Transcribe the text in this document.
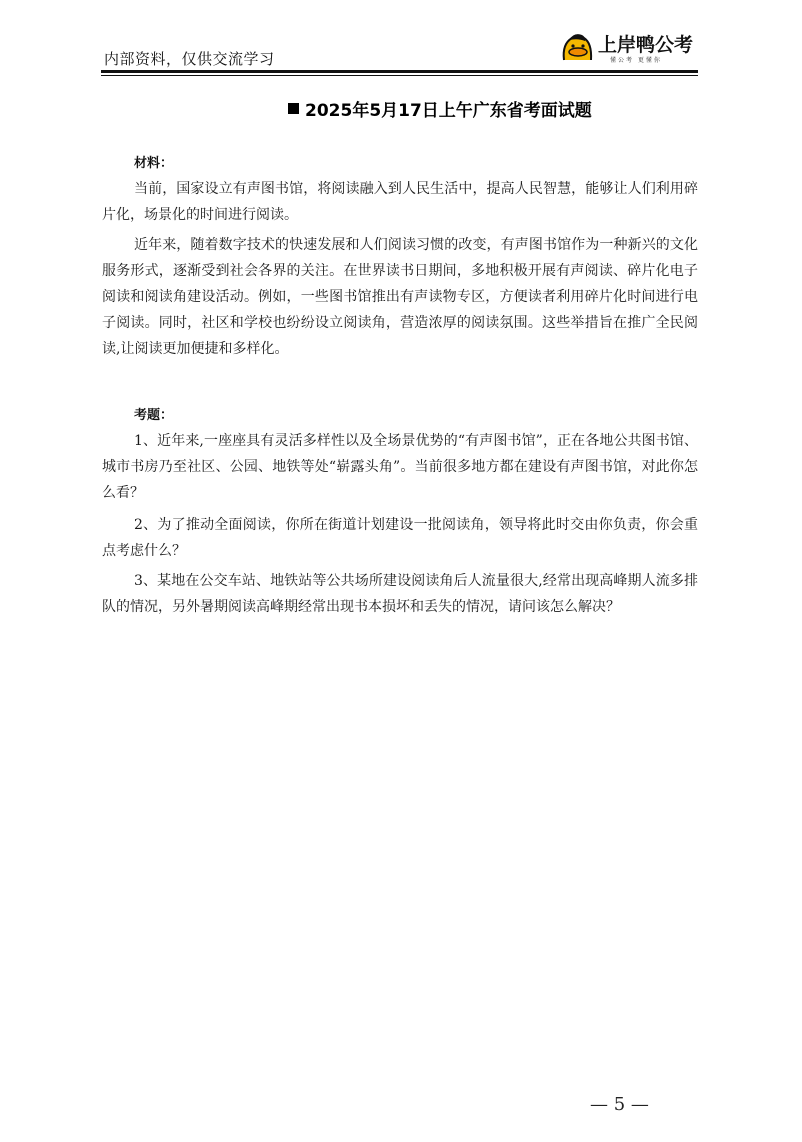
内部资料，仅供交流学习
上岸鸭公考
懂公考 更懂你
2025年5月17日上午广东省考面试题
材料：

当前，国家设立有声图书馆，将阅读融入到人民生活中，提高人民智慧，能够让人们利用碎片化，场景化的时间进行阅读。

近年来，随着数字技术的快速发展和人们阅读习惯的改变，有声图书馆作为一种新兴的文化服务形式，逐渐受到社会各界的关注。在世界读书日期间，多地积极开展有声阅读、碎片化电子阅读和阅读角建设活动。例如，一些图书馆推出有声读物专区，方便读者利用碎片化时间进行电子阅读。同时，社区和学校也纷纷设立阅读角，营造浓厚的阅读氛围。这些举措旨在推广全民阅读,让阅读更加便捷和多样化。

考题：

1、近年来,一座座具有灵活多样性以及全场景优势的“有声图书馆”，正在各地公共图书馆、城市书房乃至社区、公园、地铁等处“崭露头角”。当前很多地方都在建设有声图书馆，对此你怎么看？

2、为了推动全面阅读，你所在街道计划建设一批阅读角，领导将此时交由你负责，你会重点考虑什么？

3、某地在公交车站、地铁站等公共场所建设阅读角后人流量很大,经常出现高峰期人流多排队的情况，另外暑期阅读高峰期经常出现书本损坏和丢失的情况，请问该怎么解决？

— 5 —
